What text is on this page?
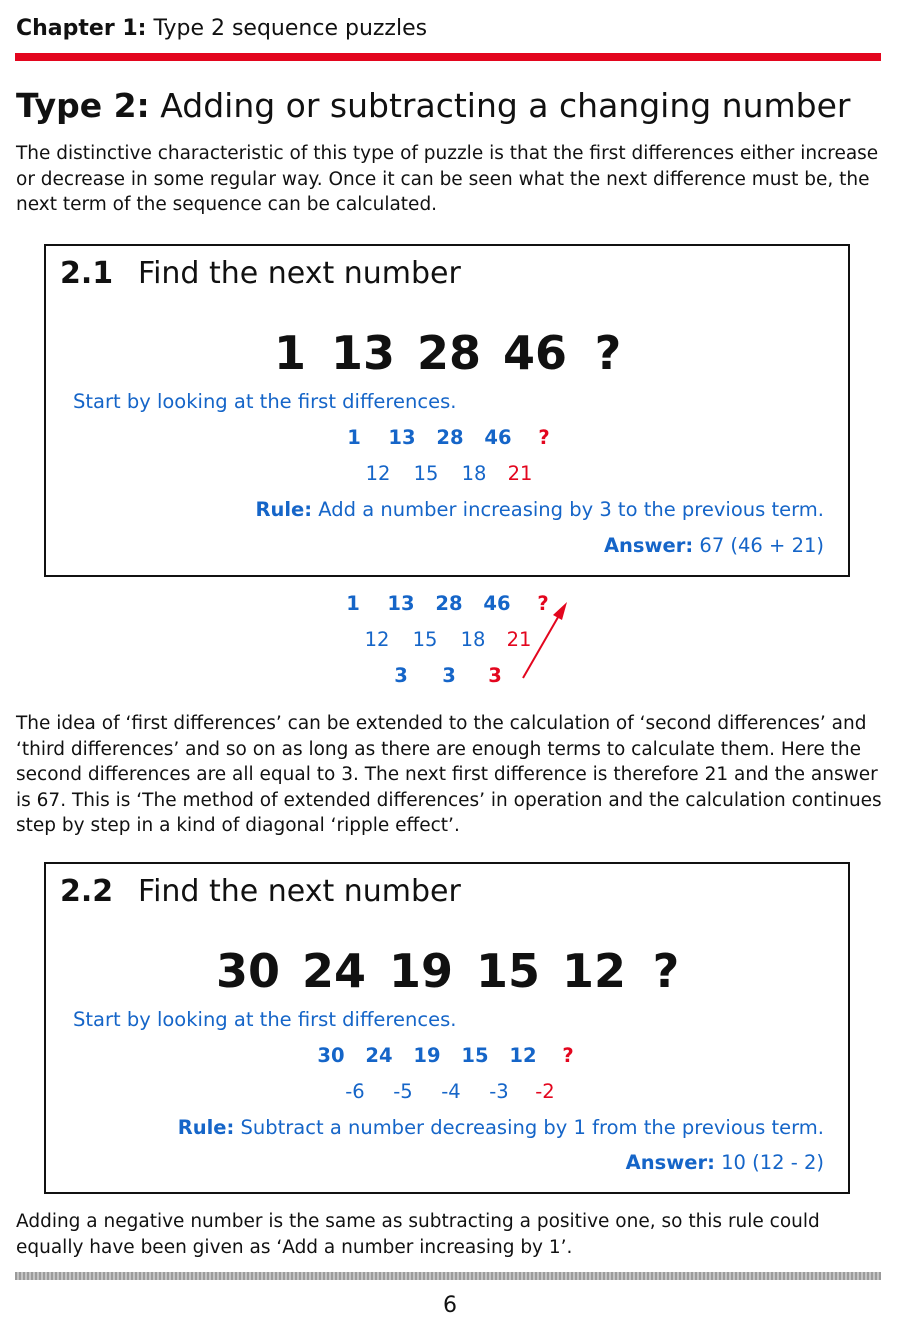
Chapter 1: Type 2 sequence puzzles
Type 2: Adding or subtracting a changing number
The distinctive characteristic of this type of puzzle is that the first differences either increase or decrease in some regular way. Once it can be seen what the next difference must be, the next term of the sequence can be calculated.
2.1 Find the next number
1 13 28 46 ?
Start by looking at the first differences.
1 13 28 46 ?
12 15 18 21
Rule: Add a number increasing by 3 to the previous term.
Answer: 67 (46 + 21)
1 13 28 46 ?
12 15 18 21
3 3 3
The idea of ‘first differences’ can be extended to the calculation of ‘second differences’ and ‘third differences’ and so on as long as there are enough terms to calculate them. Here the second differences are all equal to 3. The next first difference is therefore 21 and the answer is 67. This is ‘The method of extended differences’ in operation and the calculation continues step by step in a kind of diagonal ‘ripple effect’.
2.2 Find the next number
30 24 19 15 12 ?
Start by looking at the first differences.
30 24 19 15 12 ?
-6 -5 -4 -3 -2
Rule: Subtract a number decreasing by 1 from the previous term.
Answer: 10 (12 - 2)
Adding a negative number is the same as subtracting a positive one, so this rule could equally have been given as ‘Add a number increasing by 1’.
6
